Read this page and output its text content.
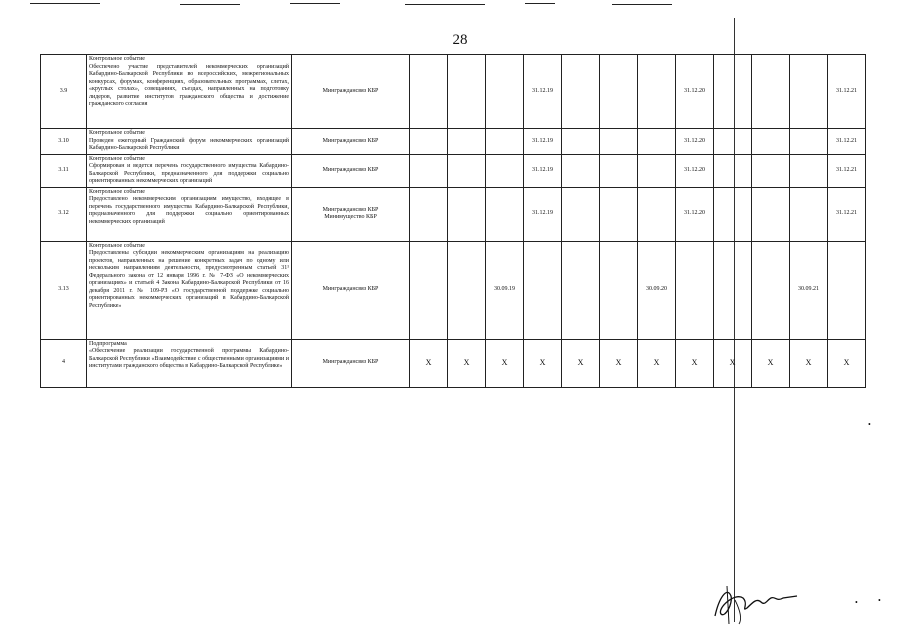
28
3.9	Контрольное событие
Обеспечено участие представителей некоммерческих организаций Кабардино-Балкарской Республики во всероссийских, межрегиональных конкурсах, форумах, конференциях, образовательных программах, слетах, «круглых столах», совещаниях, съездах, направленных на подготовку лидеров, развитие институтов гражданского общества и достижение гражданского согласия	Минграждансвяз КБР				31.12.19				31.12.20				31.12.21
3.10	Контрольное событие
Проведен ежегодный Гражданский форум некоммерческих организаций Кабардино-Балкарской Республики	Минграждансвяз КБР				31.12.19				31.12.20				31.12.21
3.11	Контрольное событие
Сформирован и ведется перечень государственного имущества Кабардино-Балкарской Республики, предназначенного для поддержки социально ориентированных некоммерческих организаций	Минграждансвяз КБР				31.12.19				31.12.20				31.12.21
3.12	Контрольное событие
Предоставлено некоммерческим организациям имущество, входящее в перечень государственного имущества Кабардино-Балкарской Республики, предназначенного для поддержки социально ориентированных некоммерческих организаций	Минграждансвяз КБР
Минимущество КБР				31.12.19				31.12.20				31.12.21
3.13	Контрольное событие
Предоставлены субсидии некоммерческим организациям на реализацию проектов, направленных на решение конкретных задач по одному или нескольким направлениям деятельности, предусмотренным статьей 31¹ Федерального закона от 12 января 1996 г. № 7-ФЗ «О некоммерческих организациях» и статьей 4 Закона Кабардино-Балкарской Республики от 16 декабря 2011 г. № 109-РЗ «О государственной поддержке социально ориентированных некоммерческих организаций в Кабардино-Балкарской Республике»	Минграждансвяз КБР			30.09.19				30.09.20				30.09.21	
4	Подпрограмма
«Обеспечение реализации государственной программы Кабардино-Балкарской Республики «Взаимодействие с общественными организациями и институтами гражданского общества в Кабардино-Балкарской Республике»	Минграждансвяз КБР	X	X	X	X	X	X	X	X	X	X	X	X
•	•
•
